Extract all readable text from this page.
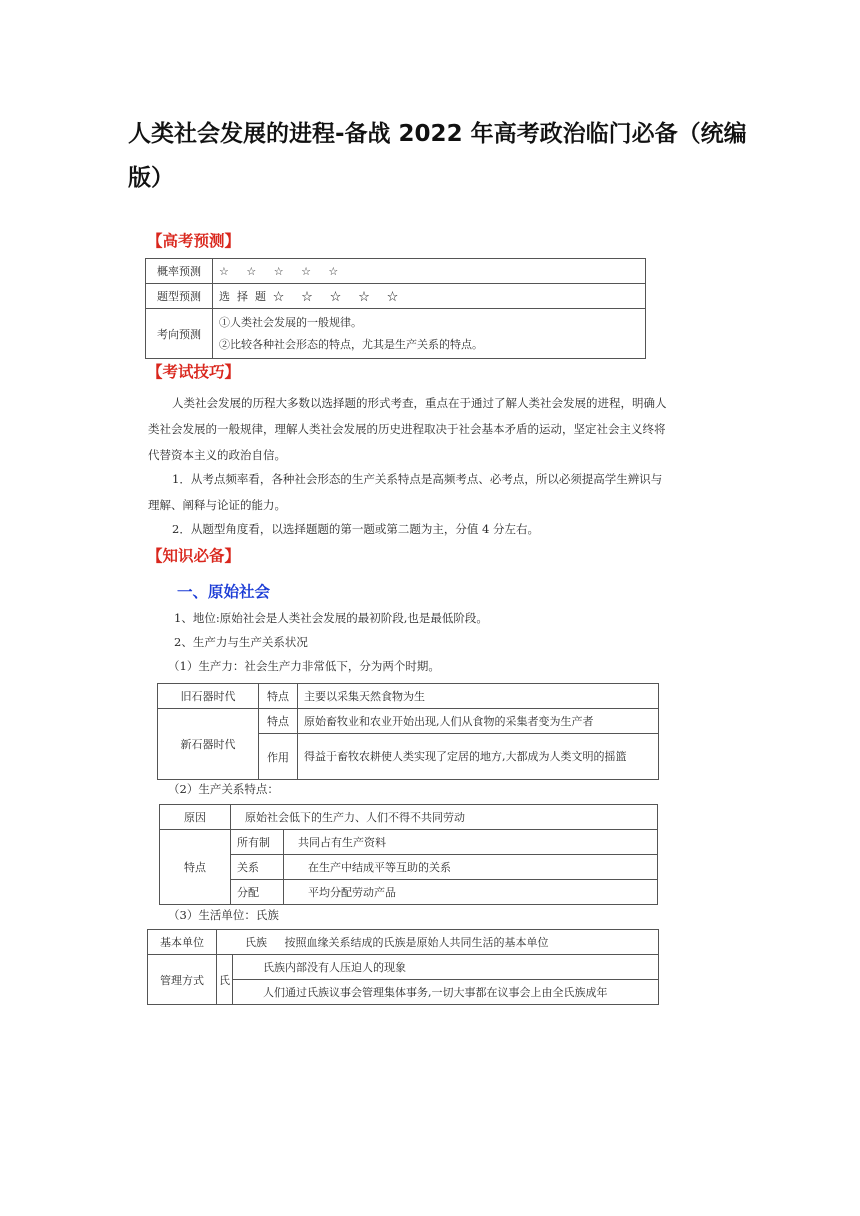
人类社会发展的进程-备战 2022 年高考政治临门必备（统编版）
【高考预测】
概率预测	☆ ☆ ☆ ☆ ☆
题型预测	选择题☆ ☆ ☆ ☆ ☆
考向预测	①人类社会发展的一般规律。
②比较各种社会形态的特点，尤其是生产关系的特点。
【考试技巧】

人类社会发展的历程大多数以选择题的形式考查，重点在于通过了解人类社会发展的进程，明确人类社会发展的一般规律，理解人类社会发展的历史进程取决于社会基本矛盾的运动，坚定社会主义终将代替资本主义的政治自信。

1．从考点频率看，各种社会形态的生产关系特点是高频考点、必考点，所以必须提高学生辨识与理解、阐释与论证的能力。

2．从题型角度看，以选择题题的第一题或第二题为主，分值 4 分左右。

【知识必备】
一、原始社会
1、地位:原始社会是人类社会发展的最初阶段,也是最低阶段。
2、生产力与生产关系状况
（1）生产力：社会生产力非常低下，分为两个时期。
旧石器时代	特点	主要以采集天然食物为生
新石器时代	特点	原始畜牧业和农业开始出现,人们从食物的采集者变为生产者
	作用	得益于畜牧农耕使人类实现了定居的地方,大都成为人类文明的摇篮
（2）生产关系特点：
原因	原始社会低下的生产力、人们不得不共同劳动	
特点	所有制	共同占有生产资料
	关系	在生产中结成平等互助的关系
	分配	平均分配劳动产品
（3）生活单位：氏族
基本单位	氏族 按照血缘关系结成的氏族是原始人共同生活的基本单位	
管理方式	氏	氏族内部没有人压迫人的现象
		人们通过氏族议事会管理集体事务,一切大事都在议事会上由全氏族成年
